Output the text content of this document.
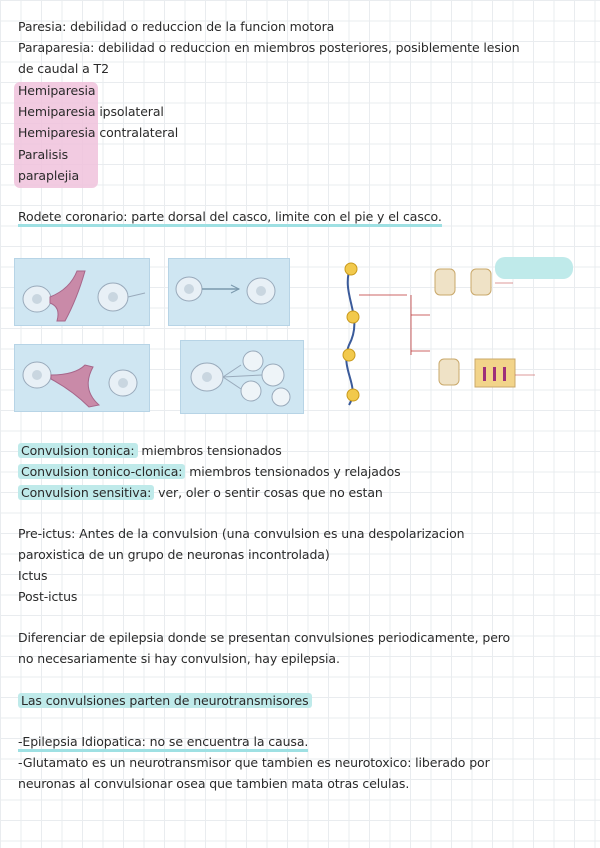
Paresia: debilidad o reduccion de la funcion motora
Paraparesia: debilidad o reduccion en miembros posteriores, posiblemente lesion
de caudal a T2
Hemiparesia
Hemiparesia ipsolateral
Hemiparesia contralateral
Paralisis
paraplejia
Rodete coronario: parte dorsal del casco, limite con el pie y el casco.
Convulsion tonica: miembros tensionados
Convulsion tonico-clonica: miembros tensionados y relajados
Convulsion sensitiva: ver, oler o sentir cosas que no estan
Pre-ictus: Antes de la convulsion (una convulsion es una despolarizacion
paroxistica de un grupo de neuronas incontrolada)
Ictus
Post-ictus
Diferenciar de epilepsia donde se presentan convulsiones periodicamente, pero
no necesariamente si hay convulsion, hay epilepsia.
Las convulsiones parten de neurotransmisores
-Epilepsia Idiopatica: no se encuentra la causa.
-Glutamato es un neurotransmisor que tambien es neurotoxico: liberado por
neuronas al convulsionar osea que tambien mata otras celulas.
